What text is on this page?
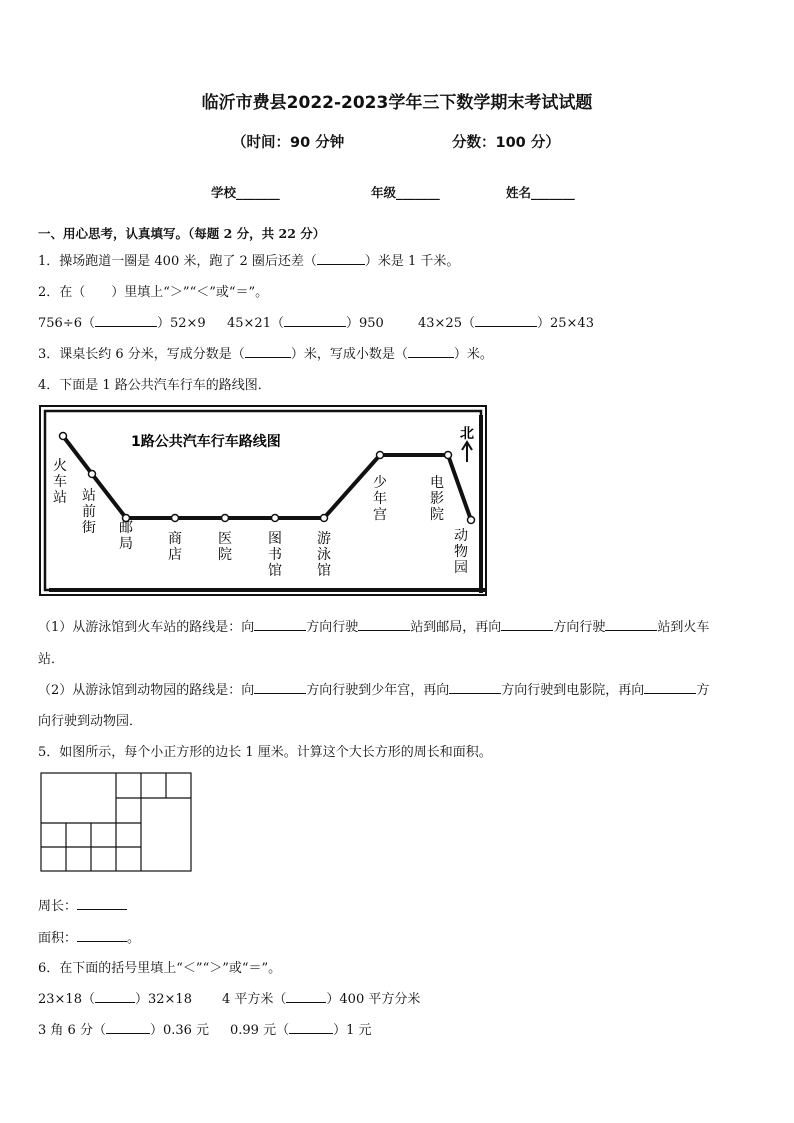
临沂市费县2022-2023学年三下数学期末考试试题
（时间：90 分钟	分数：100 分）
学校_______	年级_______	姓名_______
一、用心思考，认真填写。（每题 2 分，共 22 分）
1．操场跑道一圈是 400 米，跑了 2 圈后还差（	）米是 1 千米。
2．在（　　）里填上“＞”“＜”或“＝”。
756÷6（	）52×9 45×21（	）950	43×25（	）25×43
3．课桌长约 6 分米，写成分数是（	）米，写成小数是（	）米。
4．下面是 1 路公共汽车行车的路线图．
1路公共汽车行车路线图	北
火车站 站前街 邮局	商店
医院
图书馆
游泳馆
少年宫
电影院
动物园
（1）从游泳馆到火车站的路线是：向	方向行驶	站到邮局，再向	方向行驶	站到火车
站．
（2）从游泳馆到动物园的路线是：向	方向行驶到少年宫，再向	方向行驶到电影院，再向	方
向行驶到动物园．
5．如图所示，每个小正方形的边长 1 厘米。计算这个大长方形的周长和面积。
周长：
面积：	。
6．在下面的括号里填上“＜”“＞”或“＝”。
23×18（	）32×18 4 平方米（	）400 平方分米
3 角 6 分（	）0.36 元 0.99 元（	）1 元
